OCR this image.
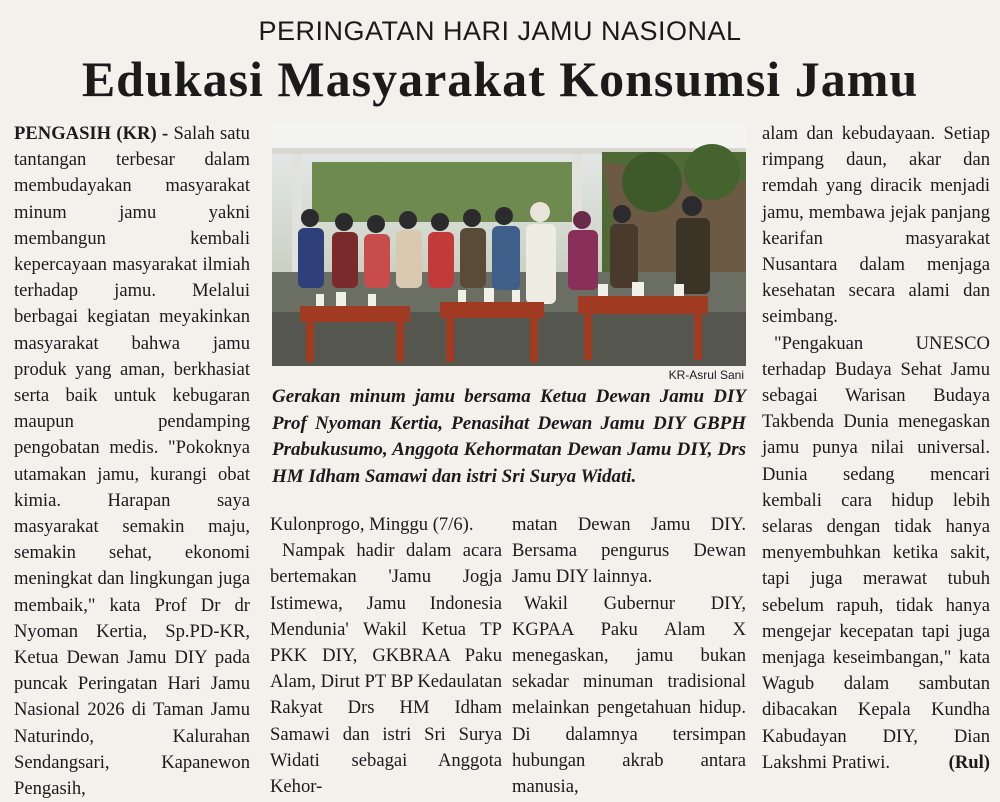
PERINGATAN HARI JAMU NASIONAL
Edukasi Masyarakat Konsumsi Jamu

PENGASIH (KR) - Salah satu tantangan terbesar dalam membudayakan masyarakat minum jamu yakni membangun kembali kepercayaan masyarakat ilmiah terhadap jamu. Melalui berbagai kegiatan meyakinkan masyarakat bahwa jamu produk yang aman, berkhasiat serta baik untuk kebugaran maupun pendamping pengobatan medis. "Pokoknya utamakan jamu, kurangi obat kimia. Harapan saya masyarakat semakin maju, semakin sehat, ekonomi meningkat dan lingkungan juga membaik," kata Prof Dr dr Nyoman Kertia, Sp.PD-KR, Ketua Dewan Jamu DIY pada puncak Peringatan Hari Jamu Nasional 2026 di Taman Jamu Naturindo, Kalurahan Sendangsari, Kapanewon Pengasih,

KR-Asrul Sani
Gerakan minum jamu bersama Ketua Dewan Jamu DIY Prof Nyoman Kertia, Penasihat Dewan Jamu DIY GBPH Prabukusumo, Anggota Kehormatan Dewan Jamu DIY, Drs HM Idham Samawi dan istri Sri Surya Widati.

Kulonprogo, Minggu (7/6).

Nampak hadir dalam acara bertemakan 'Jamu Jogja Istimewa, Jamu Indonesia Mendunia' Wakil Ketua TP PKK DIY, GKBRAA Paku Alam, Dirut PT BP Kedaulatan Rakyat Drs HM Idham Samawi dan istri Sri Surya Widati sebagai Anggota Kehor-

matan Dewan Jamu DIY. Bersama pengurus Dewan Jamu DIY lainnya.

Wakil Gubernur DIY, KGPAA Paku Alam X menegaskan, jamu bukan sekadar minuman tradisional melainkan pengetahuan hidup. Di dalamnya tersimpan hubungan akrab antara manusia,

alam dan kebudayaan. Setiap rimpang daun, akar dan remdah yang diracik menjadi jamu, membawa jejak panjang kearifan masyarakat Nusantara dalam menjaga kesehatan secara alami dan seimbang.

"Pengakuan UNESCO terhadap Budaya Sehat Jamu sebagai Warisan Budaya Takbenda Dunia menegaskan jamu punya nilai universal. Dunia sedang mencari kembali cara hidup lebih selaras dengan tidak hanya menyembuhkan ketika sakit, tapi juga merawat tubuh sebelum rapuh, tidak hanya mengejar kecepatan tapi juga menjaga keseimbangan," kata Wagub dalam sambutan dibacakan Kepala Kundha Kabudayan DIY, Dian Lakshmi Pratiwi.	(Rul)
